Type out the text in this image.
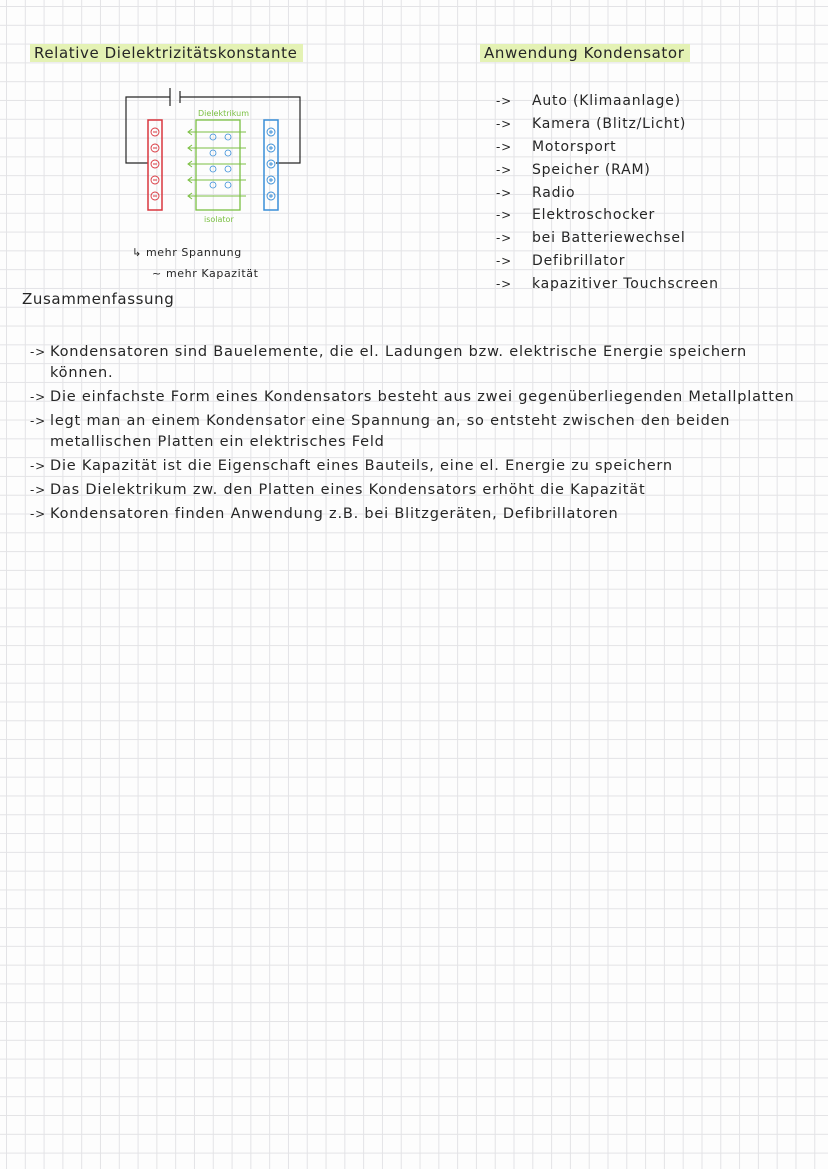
Relative Dielektrizitätskonstante	Anwendung Kondensator
Dielektrikum
isolator
↳ mehr Spannung
~ mehr Kapazität
->	Auto (Klimaanlage)
->	Kamera (Blitz/Licht)
->	Motorsport
->	Speicher (RAM)
->	Radio
->	Elektroschocker
->	bei Batteriewechsel
->	Defibrillator
->	kapazitiver Touchscreen
Zusammenfassung
-> Kondensatoren sind Bauelemente, die el. Ladungen bzw. elektrische Energie speichern können.
-> Die einfachste Form eines Kondensators besteht aus zwei gegenüberliegenden Metallplatten
-> legt man an einem Kondensator eine Spannung an, so entsteht zwischen den beiden metallischen Platten ein elektrisches Feld
-> Die Kapazität ist die Eigenschaft eines Bauteils, eine el. Energie zu speichern
-> Das Dielektrikum zw. den Platten eines Kondensators erhöht die Kapazität
-> Kondensatoren finden Anwendung z.B. bei Blitzgeräten, Defibrillatoren
